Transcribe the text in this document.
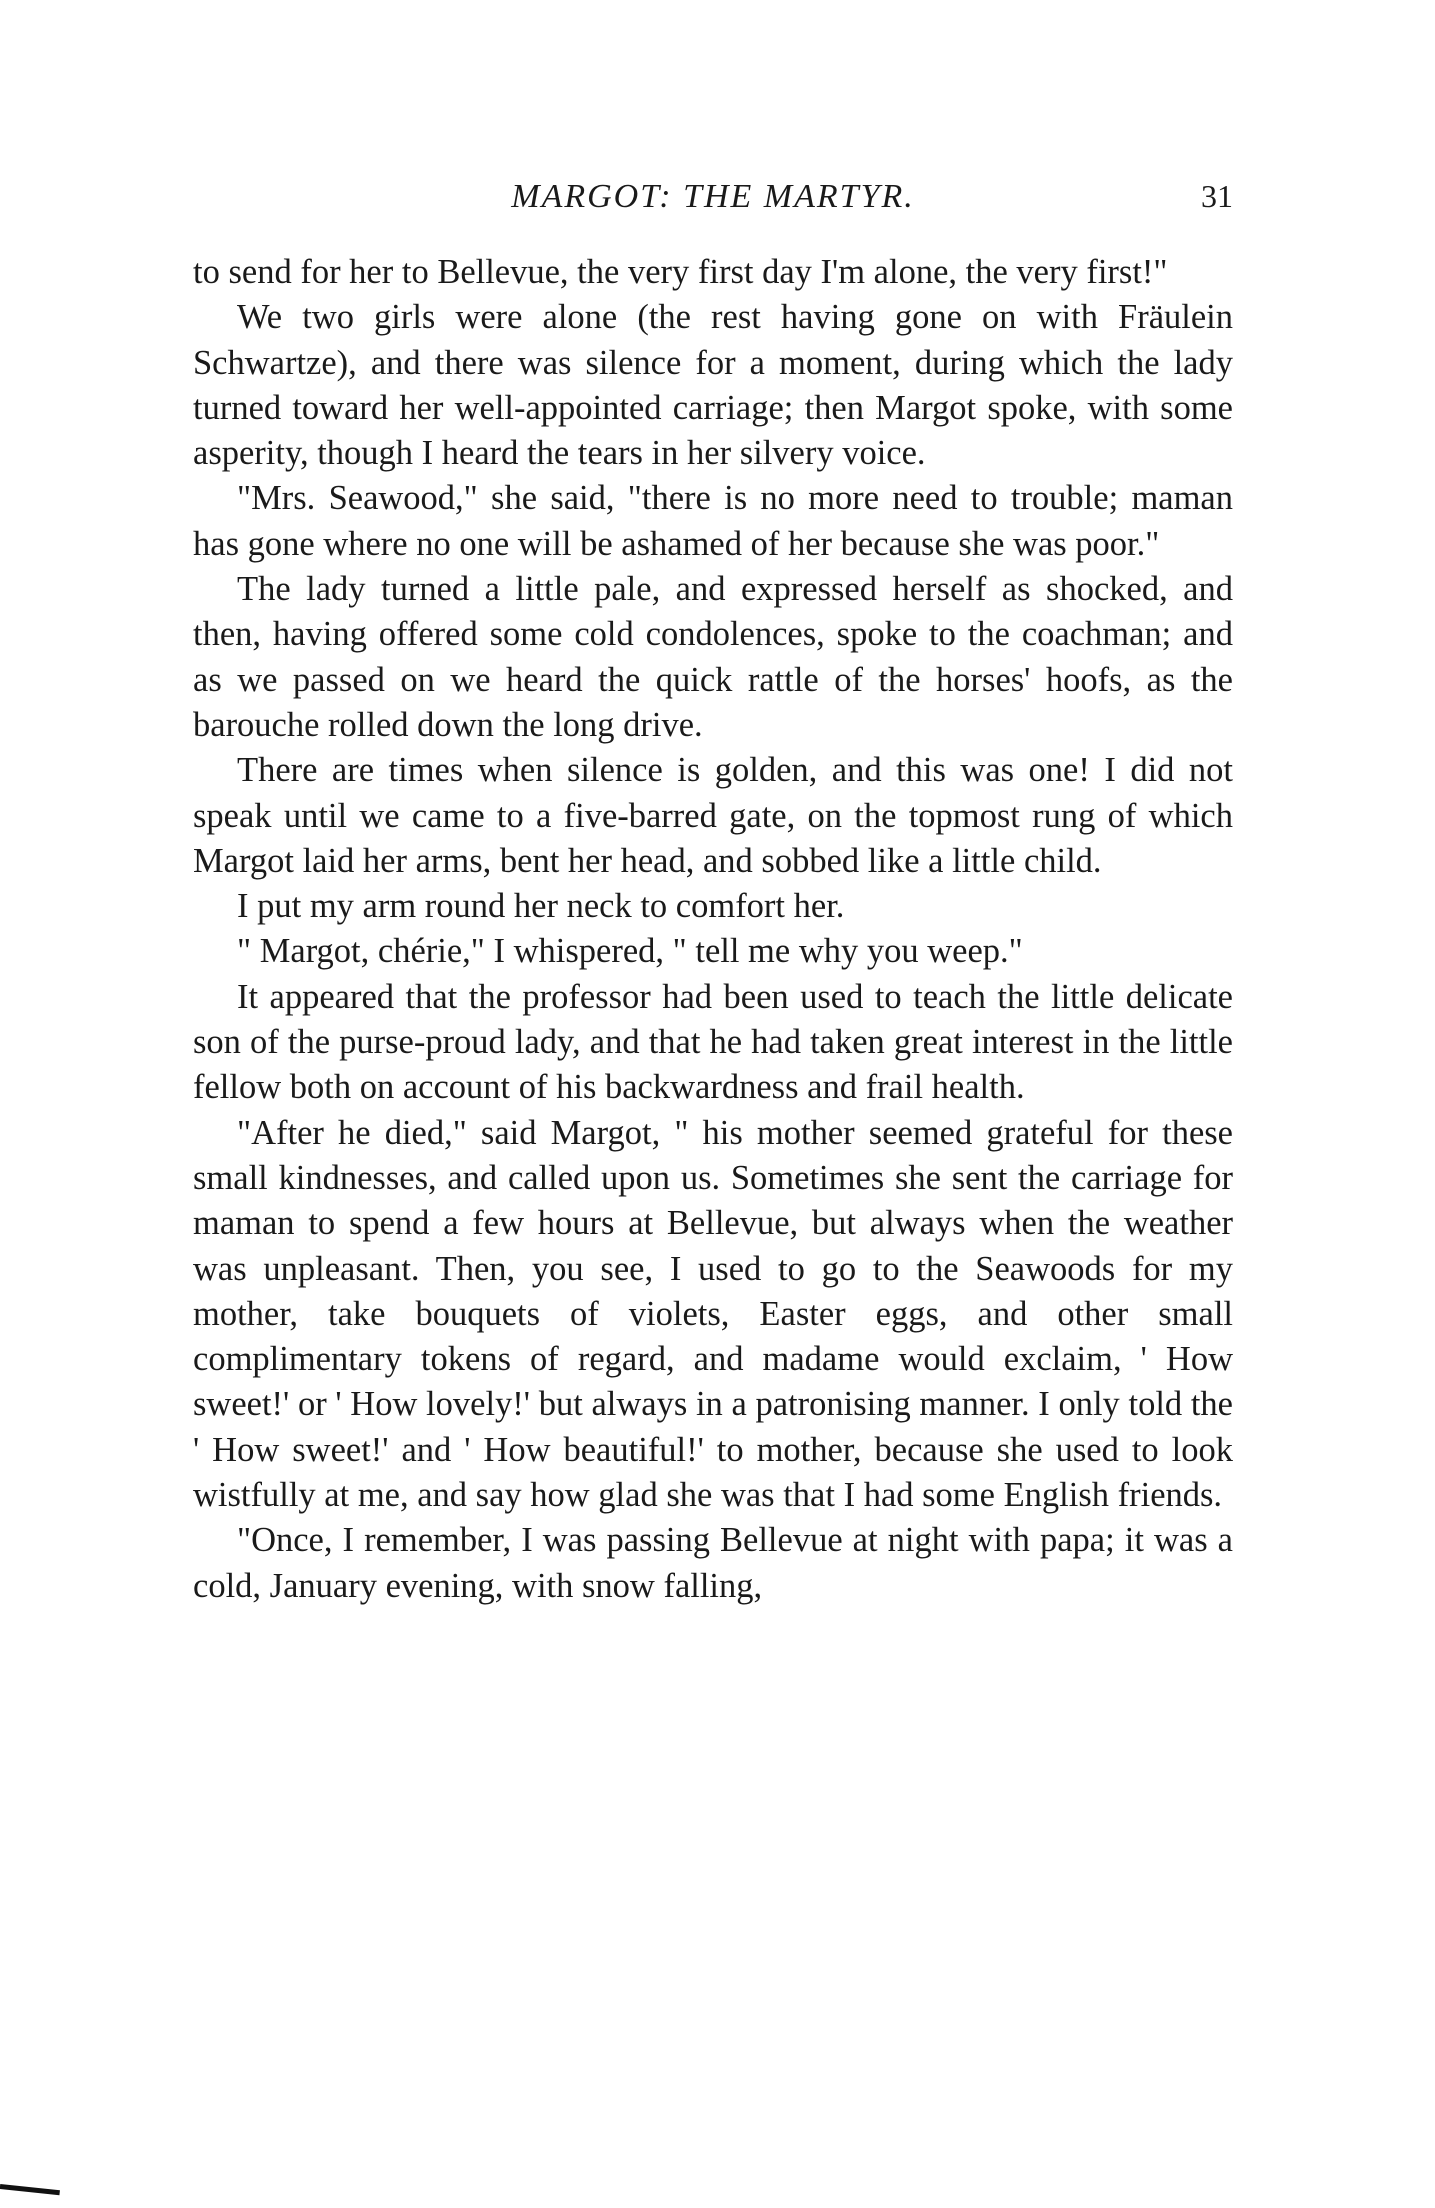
MARGOT: THE MARTYR.	31

to send for her to Bellevue, the very first day I'm alone, the very first!"

We two girls were alone (the rest having gone on with Fräulein Schwartze), and there was silence for a moment, during which the lady turned toward her well-appointed carriage; then Margot spoke, with some asperity, though I heard the tears in her silvery voice.

"Mrs. Seawood," she said, "there is no more need to trouble; maman has gone where no one will be ashamed of her because she was poor."

The lady turned a little pale, and expressed herself as shocked, and then, having offered some cold condolences, spoke to the coachman; and as we passed on we heard the quick rattle of the horses' hoofs, as the barouche rolled down the long drive.

There are times when silence is golden, and this was one! I did not speak until we came to a five-barred gate, on the topmost rung of which Margot laid her arms, bent her head, and sobbed like a little child.

I put my arm round her neck to comfort her.

" Margot, chérie," I whispered, " tell me why you weep."

It appeared that the professor had been used to teach the little delicate son of the purse-proud lady, and that he had taken great interest in the little fellow both on account of his backwardness and frail health.

"After he died," said Margot, " his mother seemed grateful for these small kindnesses, and called upon us. Sometimes she sent the carriage for maman to spend a few hours at Bellevue, but always when the weather was unpleasant. Then, you see, I used to go to the Seawoods for my mother, take bouquets of violets, Easter eggs, and other small complimentary tokens of regard, and madame would exclaim, ' How sweet!' or ' How lovely!' but always in a patronising manner. I only told the ' How sweet!' and ' How beautiful!' to mother, because she used to look wistfully at me, and say how glad she was that I had some English friends.

"Once, I remember, I was passing Bellevue at night with papa; it was a cold, January evening, with snow falling,
